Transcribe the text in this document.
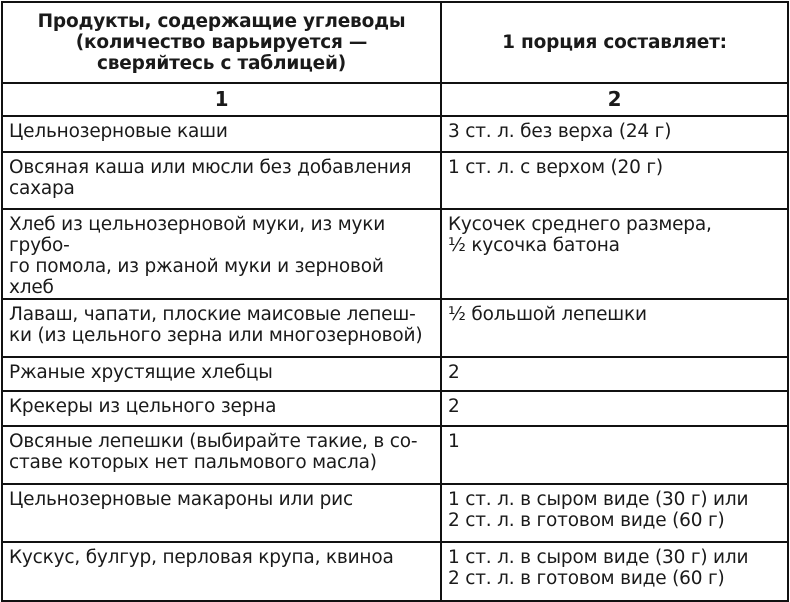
Продукты, содержащие углеводы
(количество варьируется —
сверяйтесь с таблицей)	1 порция составляет:
1	2

Цельнозерновые каши	3 ст. л. без верха (24 г)

Овсяная каша или мюсли без добавления
сахара	1 ст. л. с верхом (20 г)

Хлеб из цельнозерновой муки, из муки грубо-
го помола, из ржаной муки и зерновой хлеб	Кусочек среднего размера,
½ кусочка батона

Лаваш, чапати, плоские маисовые лепеш-
ки (из цельного зерна или многозерновой)	½ большой лепешки

Ржаные хрустящие хлебцы	2

Крекеры из цельного зерна	2

Овсяные лепешки (выбирайте такие, в со-
ставе которых нет пальмового масла)	1

Цельнозерновые макароны или рис	1 ст. л. в сыром виде (30 г) или
2 ст. л. в готовом виде (60 г)

Кускус, булгур, перловая крупа, квиноа	1 ст. л. в сыром виде (30 г) или
2 ст. л. в готовом виде (60 г)
